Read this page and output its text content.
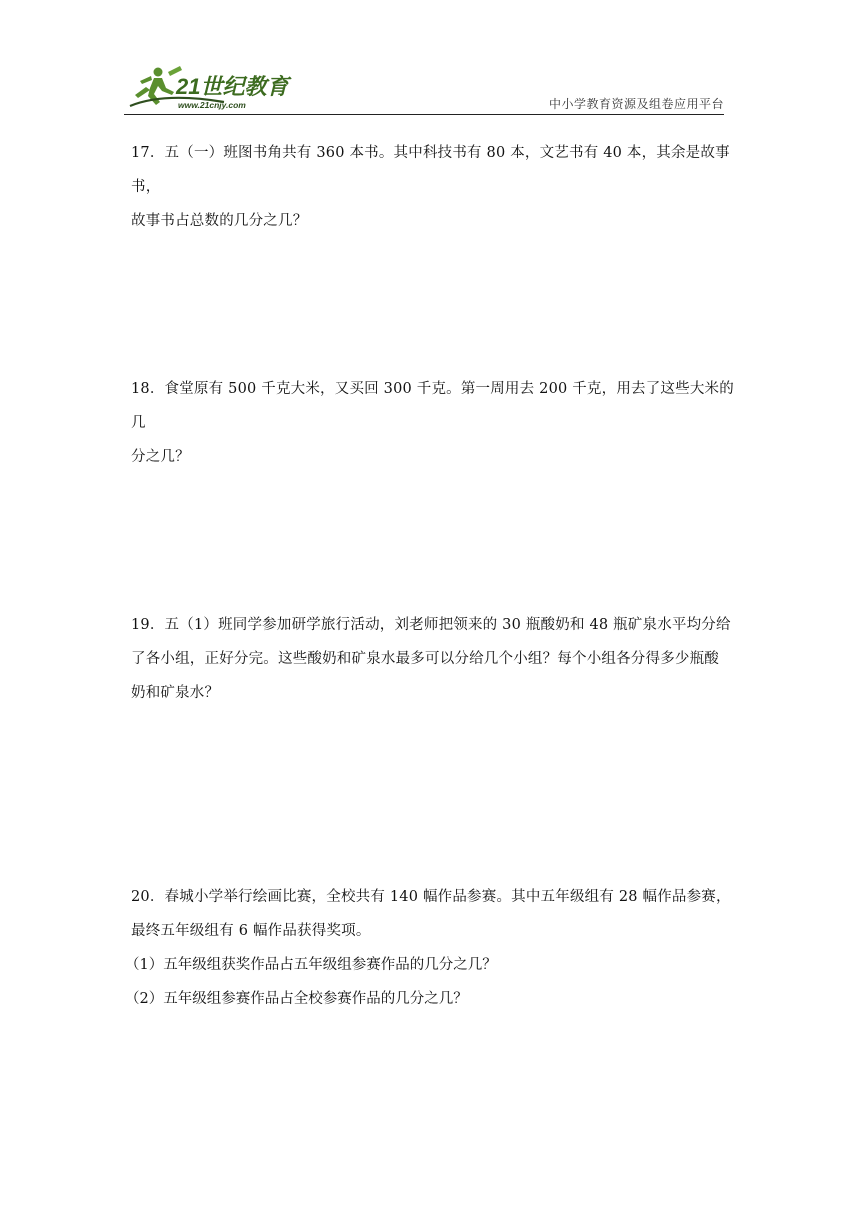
21世纪教育
www.21cnjy.com	中小学教育资源及组卷应用平台

17．五（一）班图书角共有 360 本书。其中科技书有 80 本，文艺书有 40 本，其余是故事书，

故事书占总数的几分之几？

18．食堂原有 500 千克大米，又买回 300 千克。第一周用去 200 千克，用去了这些大米的几

分之几？

19．五（1）班同学参加研学旅行活动，刘老师把领来的 30 瓶酸奶和 48 瓶矿泉水平均分给

了各小组，正好分完。这些酸奶和矿泉水最多可以分给几个小组？每个小组各分得多少瓶酸

奶和矿泉水？

20．春城小学举行绘画比赛，全校共有 140 幅作品参赛。其中五年级组有 28 幅作品参赛，

最终五年级组有 6 幅作品获得奖项。

（1）五年级组获奖作品占五年级组参赛作品的几分之几？

（2）五年级组参赛作品占全校参赛作品的几分之几？
